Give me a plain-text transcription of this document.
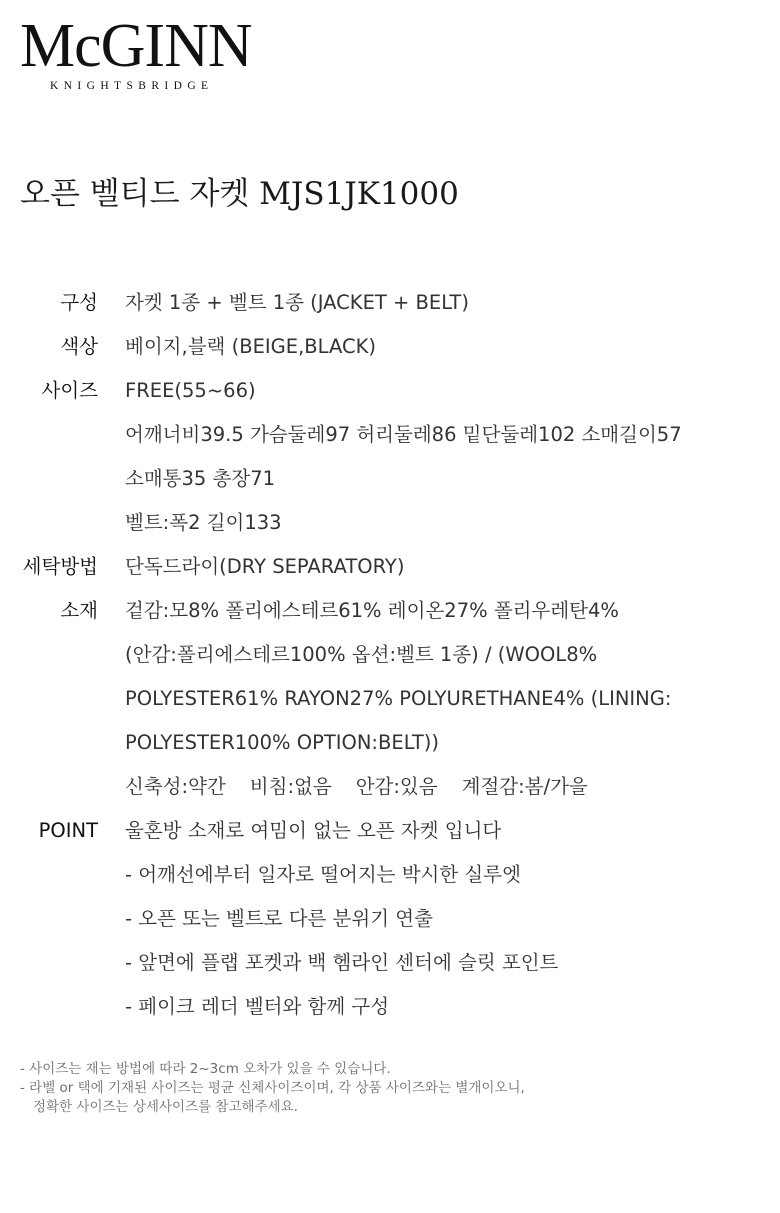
McGINN
KNIGHTSBRIDGE
오픈 벨티드 자켓 MJS1JK1000
구성 자켓 1종 + 벨트 1종 (JACKET + BELT)
색상 베이지,블랙 (BEIGE,BLACK)
사이즈 FREE(55~66)
어깨너비39.5 가슴둘레97 허리둘레86 밑단둘레102 소매길이57
소매통35 총장71
벨트:폭2 길이133
세탁방법 단독드라이(DRY SEPARATORY)
소재 겉감:모8% 폴리에스테르61% 레이온27% 폴리우레탄4%
(안감:폴리에스테르100% 옵션:벨트 1종) / (WOOL8%
POLYESTER61% RAYON27% POLYURETHANE4% (LINING:
POLYESTER100% OPTION:BELT))
신축성:약간 비침:없음 안감:있음 계절감:봄/가을
POINT 울혼방 소재로 여밈이 없는 오픈 자켓 입니다
- 어깨선에부터 일자로 떨어지는 박시한 실루엣
- 오픈 또는 벨트로 다른 분위기 연출
- 앞면에 플랩 포켓과 백 헴라인 센터에 슬릿 포인트
- 페이크 레더 벨터와 함께 구성
- 사이즈는 재는 방법에 따라 2~3cm 오차가 있을 수 있습니다.
- 라벨 or 택에 기재된 사이즈는 평균 신체사이즈이며, 각 상품 사이즈와는 별개이오니,
정확한 사이즈는 상세사이즈를 참고해주세요.
